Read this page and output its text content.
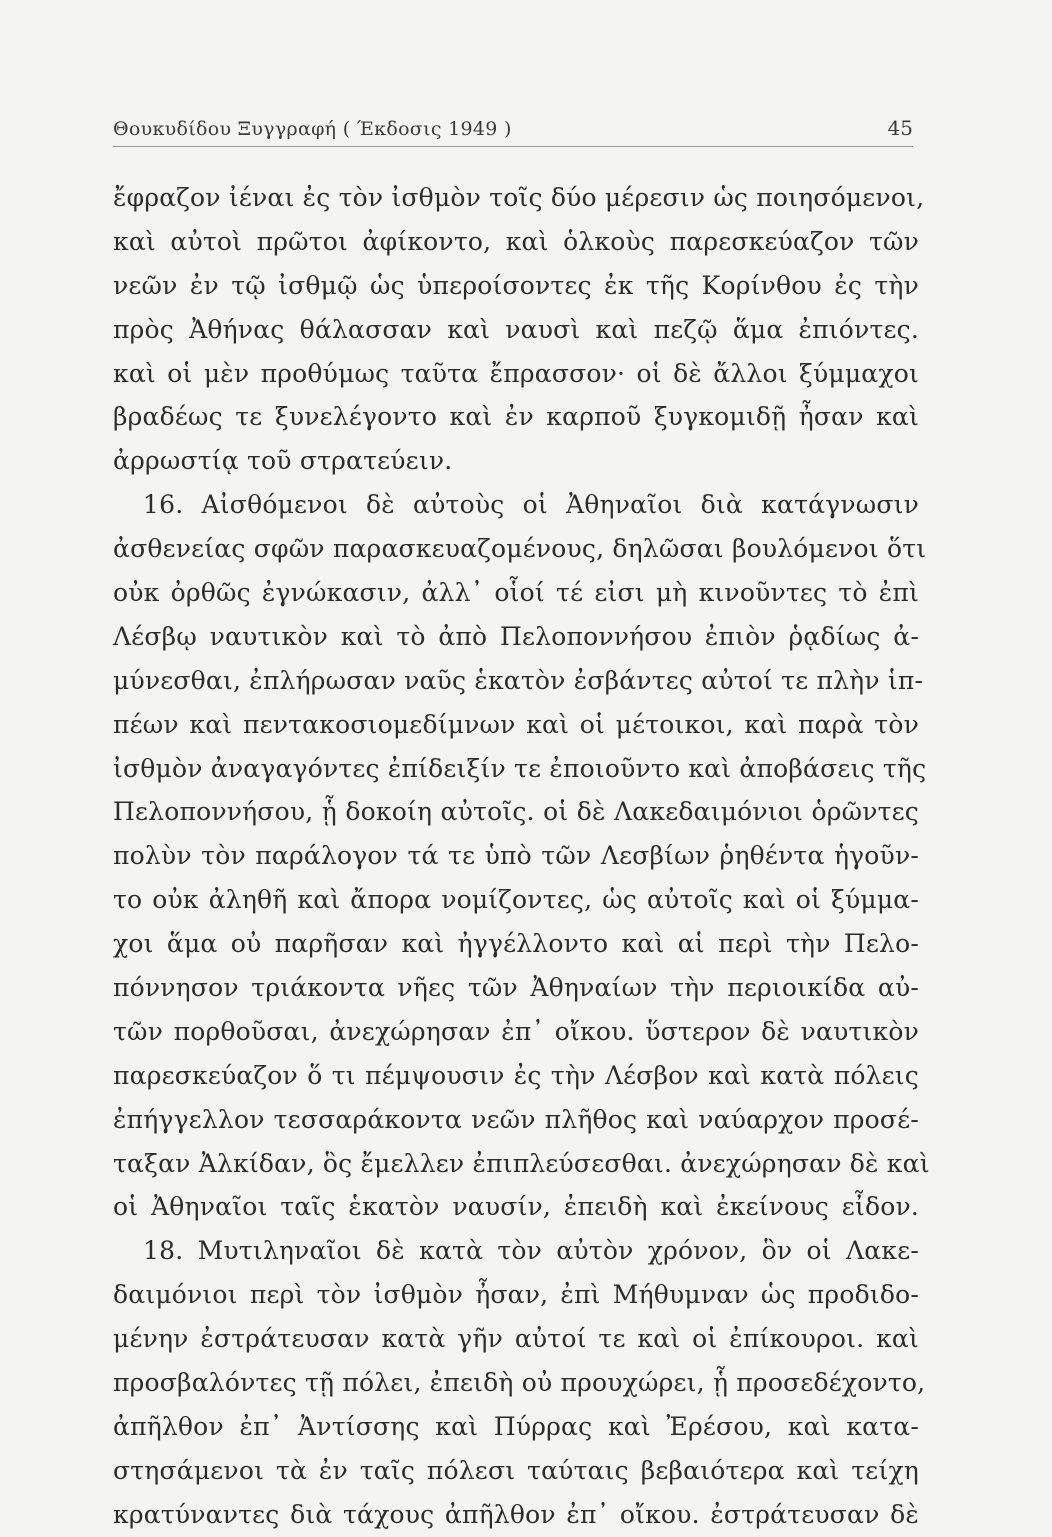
Θουκυδίδου Ξυγγραφή ( Έκδοσις 1949 )	45
ἔφραζον ἰέναι ἐς τὸν ἰσθμὸν τοῖς δύο μέρεσιν ὡς ποιησόμενοι,
καὶ αὐτοὶ πρῶτοι ἀφίκοντο, καὶ ὁλκοὺς παρεσκεύαζον τῶν
νεῶν ἐν τῷ ἰσθμῷ ὡς ὑπεροίσοντες ἐκ τῆς Κορίνθου ἐς τὴν
πρὸς Ἀθήνας θάλασσαν καὶ ναυσὶ καὶ πεζῷ ἅμα ἐπιόντες.
καὶ οἱ μὲν προθύμως ταῦτα ἔπρασσον· οἱ δὲ ἄλλοι ξύμμαχοι
βραδέως τε ξυνελέγοντο καὶ ἐν καρποῦ ξυγκομιδῇ ἦσαν καὶ
ἀρρωστίᾳ τοῦ στρατεύειν.
16. Αἰσθόμενοι δὲ αὐτοὺς οἱ Ἀθηναῖοι διὰ κατάγνωσιν
ἀσθενείας σφῶν παρασκευαζομένους, δηλῶσαι βουλόμενοι ὅτι
οὐκ ὀρθῶς ἐγνώκασιν, ἀλλ᾽ οἷοί τέ εἰσι μὴ κινοῦντες τὸ ἐπὶ
Λέσβῳ ναυτικὸν καὶ τὸ ἀπὸ Πελοποννήσου ἐπιὸν ῥᾳδίως ἀ-
μύνεσθαι, ἐπλήρωσαν ναῦς ἑκατὸν ἐσβάντες αὐτοί τε πλὴν ἱπ-
πέων καὶ πεντακοσιομεδίμνων καὶ οἱ μέτοικοι, καὶ παρὰ τὸν
ἰσθμὸν ἀναγαγόντες ἐπίδειξίν τε ἐποιοῦντο καὶ ἀποβάσεις τῆς
Πελοποννήσου, ᾗ δοκοίη αὐτοῖς. οἱ δὲ Λακεδαιμόνιοι ὁρῶντες
πολὺν τὸν παράλογον τά τε ὑπὸ τῶν Λεσβίων ῥηθέντα ἡγοῦν-
το οὐκ ἀληθῆ καὶ ἄπορα νομίζοντες, ὡς αὐτοῖς καὶ οἱ ξύμμα-
χοι ἅμα οὐ παρῆσαν καὶ ἠγγέλλοντο καὶ αἱ περὶ τὴν Πελο-
πόννησον τριάκοντα νῆες τῶν Ἀθηναίων τὴν περιοικίδα αὐ-
τῶν πορθοῦσαι, ἀνεχώρησαν ἐπ᾽ οἴκου. ὕστερον δὲ ναυτικὸν
παρεσκεύαζον ὅ τι πέμψουσιν ἐς τὴν Λέσβον καὶ κατὰ πόλεις
ἐπήγγελλον τεσσαράκοντα νεῶν πλῆθος καὶ ναύαρχον προσέ-
ταξαν Ἀλκίδαν, ὃς ἔμελλεν ἐπιπλεύσεσθαι. ἀνεχώρησαν δὲ καὶ
οἱ Ἀθηναῖοι ταῖς ἑκατὸν ναυσίν, ἐπειδὴ καὶ ἐκείνους εἶδον.
18. Μυτιληναῖοι δὲ κατὰ τὸν αὐτὸν χρόνον, ὃν οἱ Λακε-
δαιμόνιοι περὶ τὸν ἰσθμὸν ἦσαν, ἐπὶ Μήθυμναν ὡς προδιδο-
μένην ἐστράτευσαν κατὰ γῆν αὐτοί τε καὶ οἱ ἐπίκουροι. καὶ
προσβαλόντες τῇ πόλει, ἐπειδὴ οὐ προυχώρει, ᾗ προσεδέχοντο,
ἀπῆλθον ἐπ᾽ Ἀντίσσης καὶ Πύρρας καὶ Ἐρέσου, καὶ κατα-
στησάμενοι τὰ ἐν ταῖς πόλεσι ταύταις βεβαιότερα καὶ τείχη
κρατύναντες διὰ τάχους ἀπῆλθον ἐπ᾽ οἴκου. ἐστράτευσαν δὲ
